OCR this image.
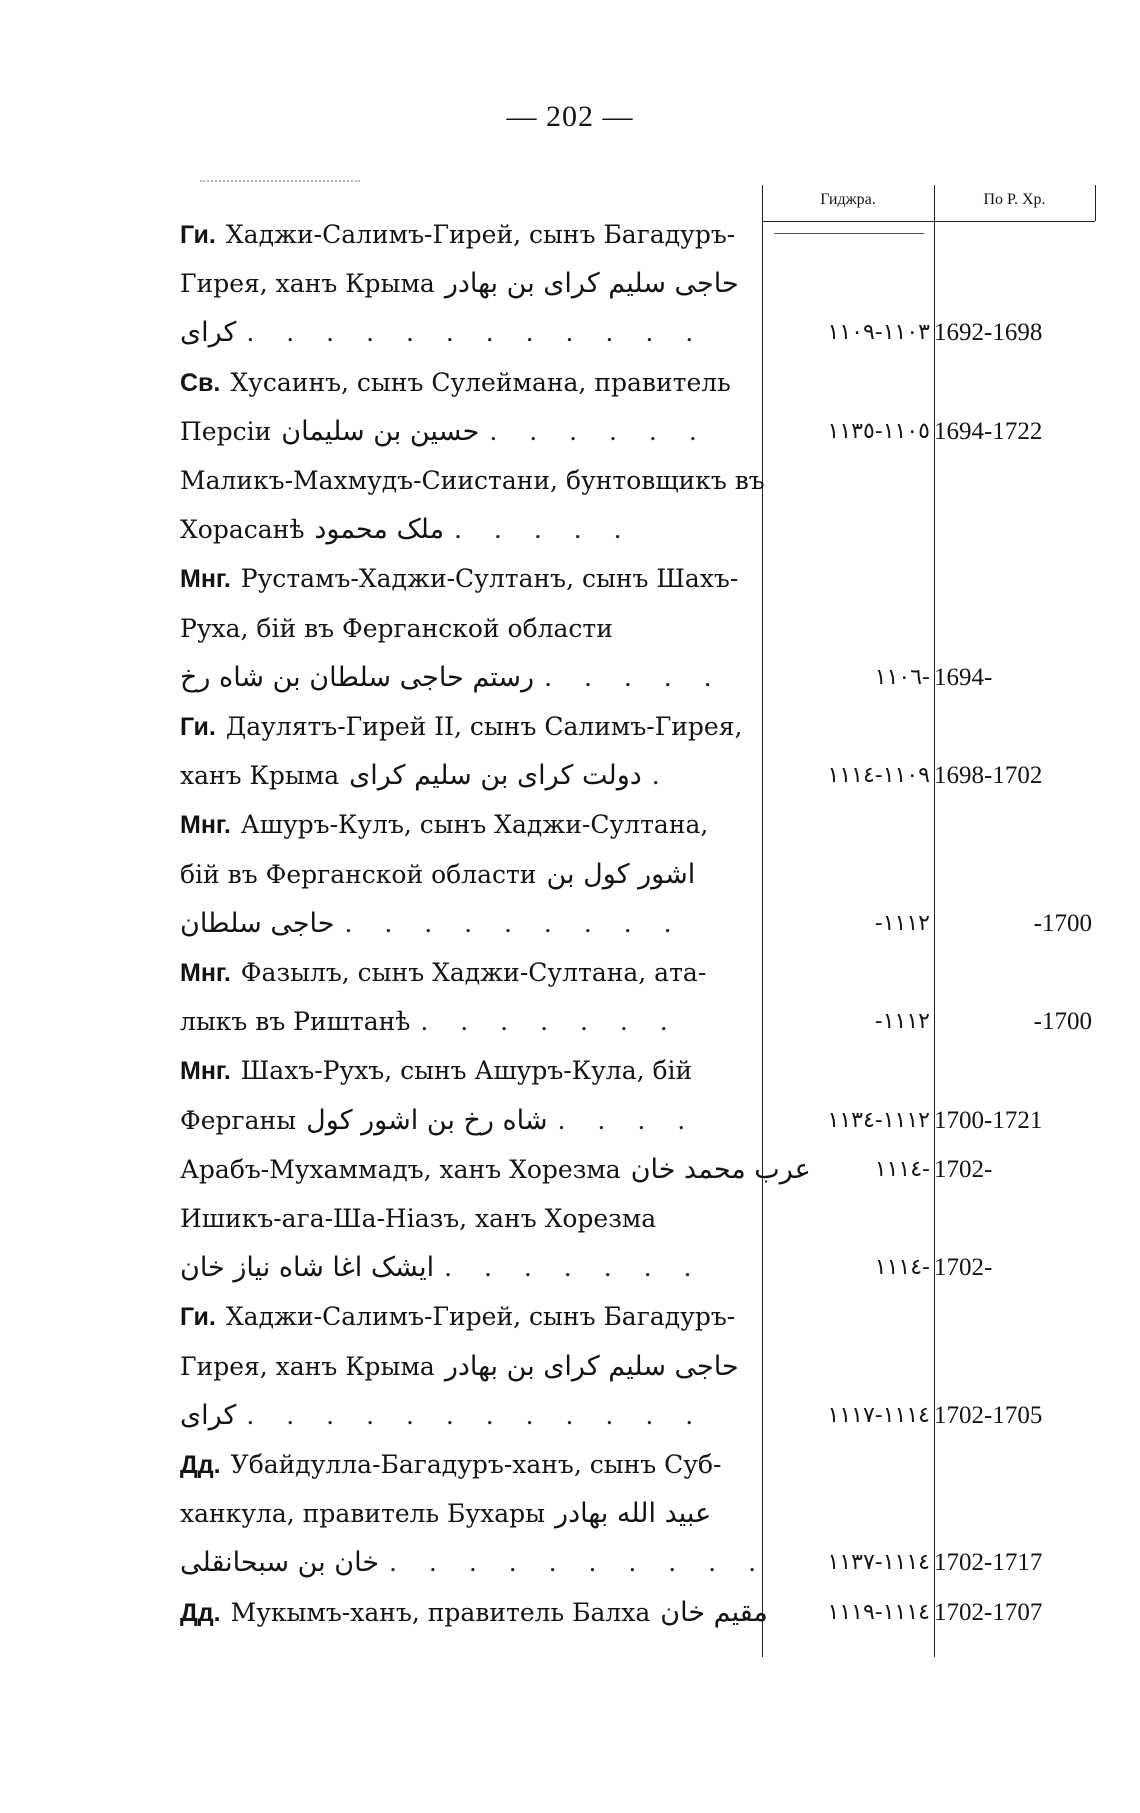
— 202 —
Гиджра.	По Р. Хр.
Ги. Хаджи-Салимъ-Гирей, сынъ Багадуръ-
Гирея, ханъ Крыма حاجی سلیم کرای بن بهادر
کرای . . . . . . . . . . . .	١١٠٣-١١٠٩ 1692-1698
Св. Хусаинъ, сынъ Сулейманa, правитель
Персіи حسین بن سلیمان . . . . . .	١١٠٥-١١٣٥ 1694-1722
Маликъ-Махмудъ-Сиистани, бунтовщикъ въ
Хорасанѣ ملک محمود . . . . .
Мнг. Рустамъ-Хаджи-Султанъ, сынъ Шахъ-
Руха, бій въ Ферганской области
رستم حاجی سلطان بن شاه رخ . . . . .	١١٠٦- 1694-
Ги. Даулятъ-Гирей II, сынъ Салимъ-Гирея,
ханъ Крыма دولت کرای بن سلیم کرای .	١١٠٩-١١١٤ 1698-1702
Мнг. Ашуръ-Кулъ, сынъ Хаджи-Султана,
бій въ Ферганской области اشور کول بن
حاجی سلطان . . . . . . . . .	-١١١٢	-1700
Мнг. Фазылъ, сынъ Хаджи-Султана, ата-
лыкъ въ Риштанѣ . . . . . . .	-١١١٢	-1700
Мнг. Шахъ-Рухъ, сынъ Ашуръ-Кула, бій
Ферганы شاه رخ بن اشور کول . . . .	١١١٢-١١٣٤ 1700-1721
Арабъ-Мухаммадъ, ханъ Хорезма عرب محمد خان	١١١٤- 1702-
Ишикъ-ага-Ша-Ніазъ, ханъ Хорезма
ایشک اغا شاه نیاز خان . . . . . . .	١١١٤- 1702-
Ги. Хаджи-Салимъ-Гирей, сынъ Багадуръ-
Гирея, ханъ Крыма حاجی سلیم کرای بن بهادر
کرای . . . . . . . . . . . .	١١١٤-١١١٧ 1702-1705
Дд. Убайдулла-Багадуръ-ханъ, сынъ Суб-
ханкула, правитель Бухары عبید الله بهادر
خان بن سبحانقلی . . . . . . . . . .	١١١٤-١١٣٧ 1702-1717
Дд. Мукымъ-ханъ, правитель Балха مقیم خان	١١١٤-١١١٩ 1702-1707
